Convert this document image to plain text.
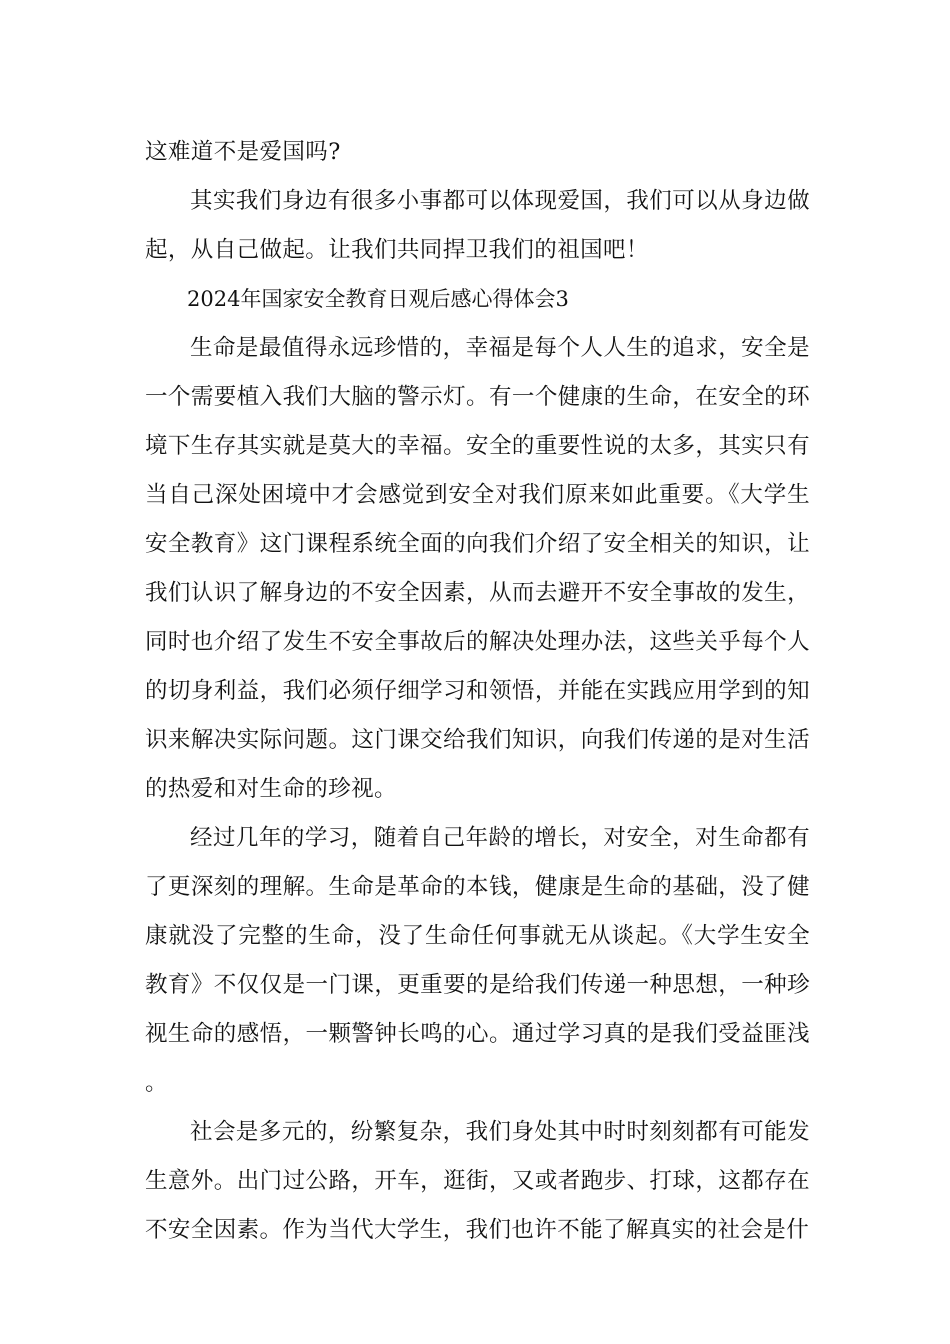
这难道不是爱国吗?

其实我们身边有很多小事都可以体现爱国，我们可以从身边做起，从自己做起。让我们共同捍卫我们的祖国吧！

2024年国家安全教育日观后感心得体会3

生命是最值得永远珍惜的，幸福是每个人人生的追求，安全是一个需要植入我们大脑的警示灯。有一个健康的生命，在安全的环境下生存其实就是莫大的幸福。安全的重要性说的太多，其实只有当自己深处困境中才会感觉到安全对我们原来如此重要。《大学生安全教育》这门课程系统全面的向我们介绍了安全相关的知识，让我们认识了解身边的不安全因素，从而去避开不安全事故的发生，同时也介绍了发生不安全事故后的解决处理办法，这些关乎每个人的切身利益，我们必须仔细学习和领悟，并能在实践应用学到的知识来解决实际问题。这门课交给我们知识，向我们传递的是对生活的热爱和对生命的珍视。

经过几年的学习，随着自己年龄的增长，对安全，对生命都有了更深刻的理解。生命是革命的本钱，健康是生命的基础，没了健康就没了完整的生命，没了生命任何事就无从谈起。《大学生安全教育》不仅仅是一门课，更重要的是给我们传递一种思想，一种珍视生命的感悟，一颗警钟长鸣的心。通过学习真的是我们受益匪浅。

社会是多元的，纷繁复杂，我们身处其中时时刻刻都有可能发生意外。出门过公路，开车，逛街，又或者跑步、打球，这都存在不安全因素。作为当代大学生，我们也许不能了解真实的社会是什
